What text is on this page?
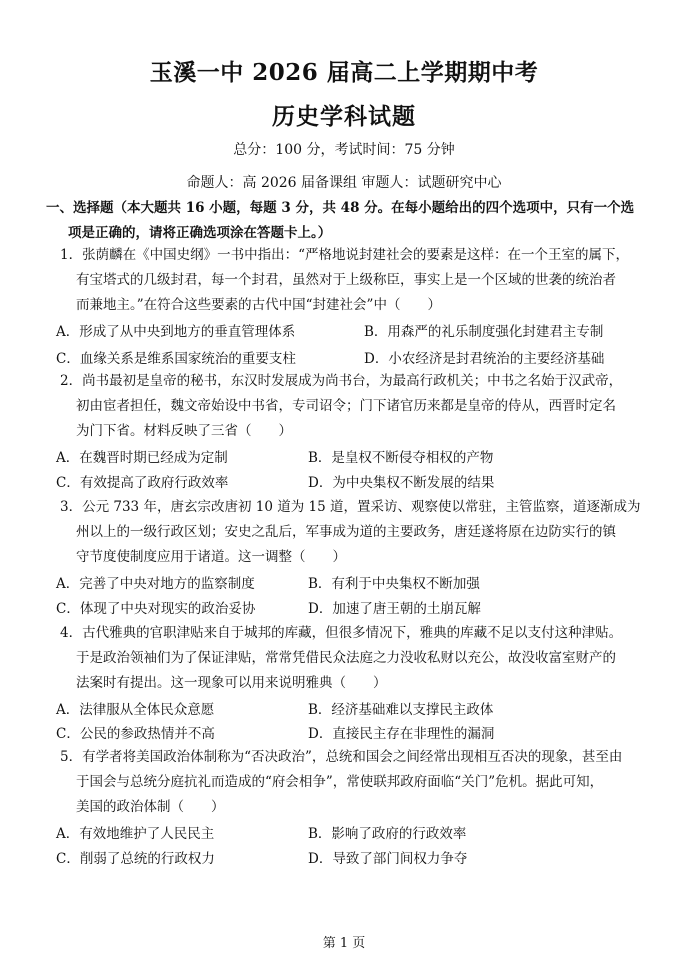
玉溪一中 2026 届高二上学期期中考
历史学科试题
总分：100 分，考试时间：75 分钟
命题人：高 2026 届备课组 审题人：试题研究中心
一、选择题（本大题共 16 小题，每题 3 分，共 48 分。在每小题给出的四个选项中，只有一个选
项是正确的，请将正确选项涂在答题卡上。）
1．张荫麟在《中国史纲》一书中指出：“严格地说封建社会的要素是这样：在一个王室的属下，
有宝塔式的几级封君，每一个封君，虽然对于上级称臣，事实上是一个区域的世袭的统治者
而兼地主。”在符合这些要素的古代中国“封建社会”中（　　）
A．形成了从中央到地方的垂直管理体系	B．用森严的礼乐制度强化封建君主专制
C．血缘关系是维系国家统治的重要支柱	D．小农经济是封君统治的主要经济基础
2．尚书最初是皇帝的秘书，东汉时发展成为尚书台，为最高行政机关；中书之名始于汉武帝，
初由宦者担任，魏文帝始设中书省，专司诏令；门下诸官历来都是皇帝的侍从，西晋时定名
为门下省。材料反映了三省（　　）
A．在魏晋时期已经成为定制	B．是皇权不断侵夺相权的产物
C．有效提高了政府行政效率	D．为中央集权不断发展的结果
3．公元 733 年，唐玄宗改唐初 10 道为 15 道，置采访、观察使以常驻，主管监察，道逐渐成为
州以上的一级行政区划；安史之乱后，军事成为道的主要政务，唐廷遂将原在边防实行的镇
守节度使制度应用于诸道。这一调整（　　）
A．完善了中央对地方的监察制度	B．有利于中央集权不断加强
C．体现了中央对现实的政治妥协	D．加速了唐王朝的土崩瓦解
4．古代雅典的官职津贴来自于城邦的库藏，但很多情况下，雅典的库藏不足以支付这种津贴。
于是政治领袖们为了保证津贴，常常凭借民众法庭之力没收私财以充公，故没收富室财产的
法案时有提出。这一现象可以用来说明雅典（　　）
A．法律服从全体民众意愿	B．经济基础难以支撑民主政体
C．公民的参政热情并不高	D．直接民主存在非理性的漏洞
5．有学者将美国政治体制称为“否决政治”，总统和国会之间经常出现相互否决的现象，甚至由
于国会与总统分庭抗礼而造成的“府会相争”，常使联邦政府面临“关门”危机。据此可知，
美国的政治体制（　　）
A．有效地维护了人民民主	B．影响了政府的行政效率
C．削弱了总统的行政权力	D．导致了部门间权力争夺
第 1 页
